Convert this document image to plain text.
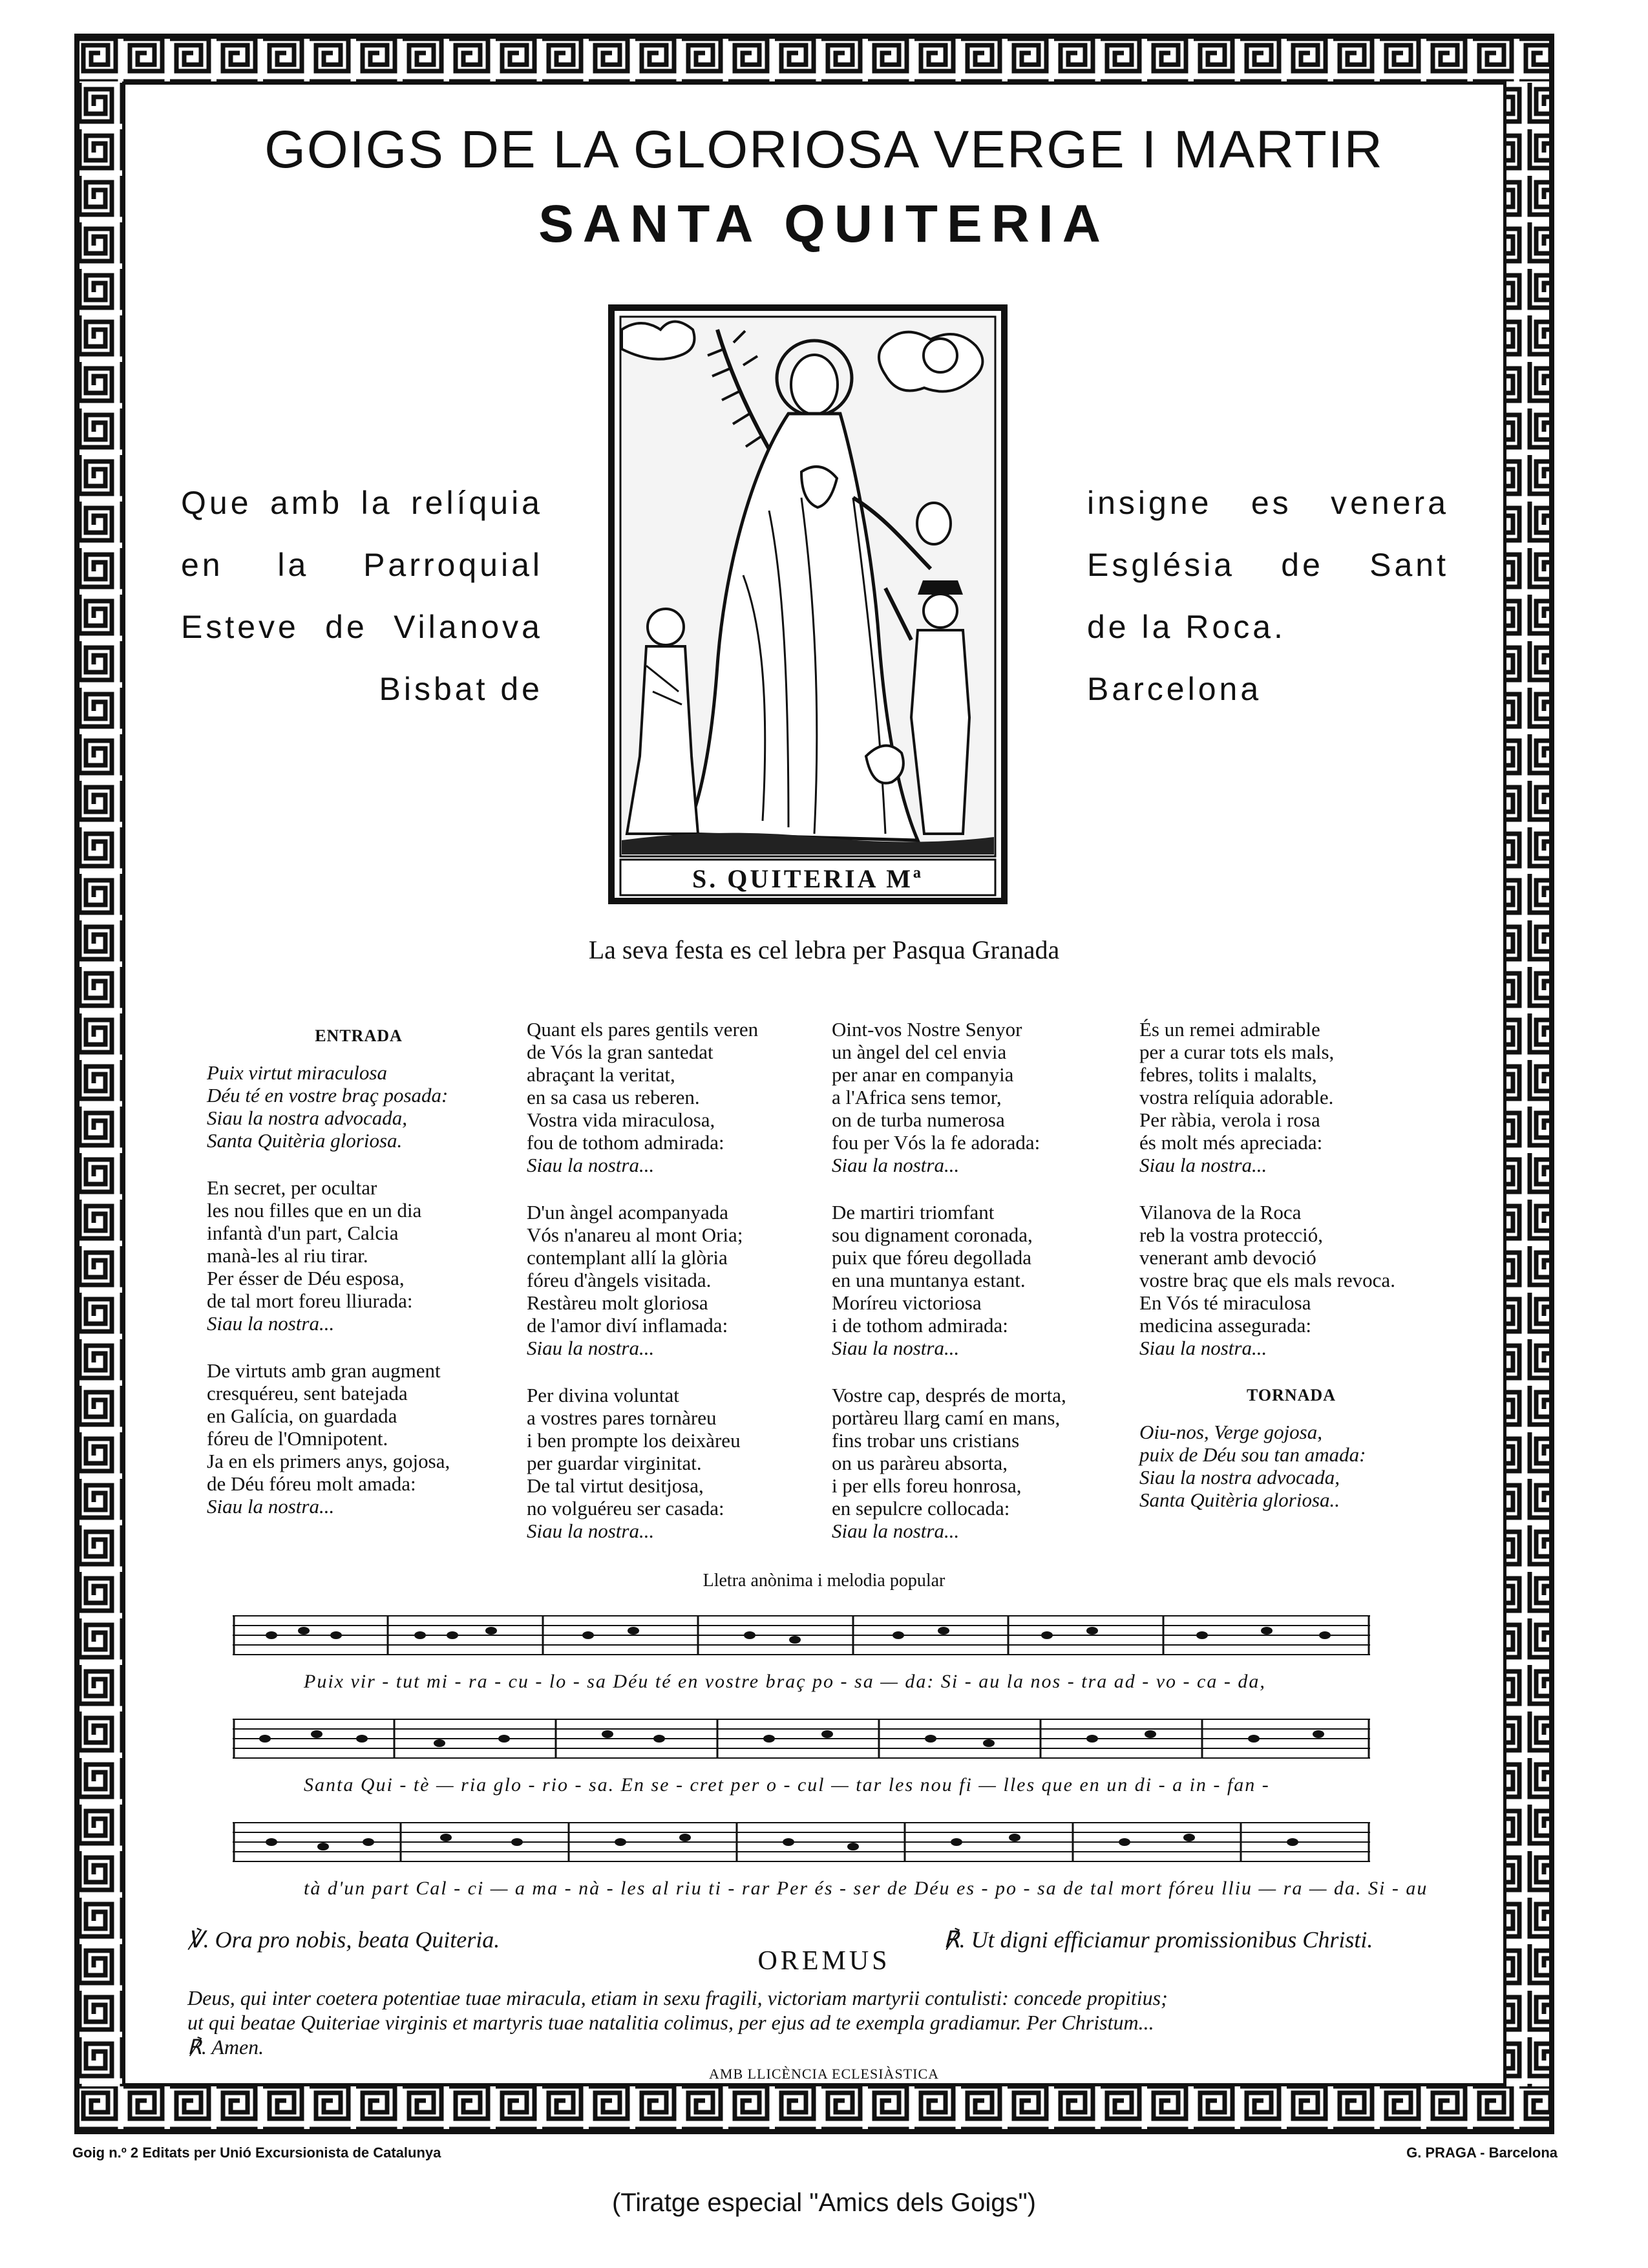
GOIGS DE LA GLORIOSA VERGE I MARTIR
SANTA QUITERIA
Que amb la relíquia
en la Parroquial
Esteve de Vilanova
Bisbat de
insigne es venera
Església de Sant
de la Roca.
Barcelona
S. QUITERIA Mª
La seva festa es cel lebra per Pasqua Granada
ENTRADA

Puix virtut miraculosa
Déu té en vostre braç posada:
Siau la nostra advocada,
Santa Quitèria gloriosa.

En secret, per ocultar
les nou filles que en un dia
infantà d'un part, Calcia
manà-les al riu tirar.
Per ésser de Déu esposa,
de tal mort foreu lliurada:
Siau la nostra...

De virtuts amb gran augment
cresquéreu, sent batejada
en Galícia, on guardada
fóreu de l'Omnipotent.
Ja en els primers anys, gojosa,
de Déu fóreu molt amada:
Siau la nostra...

Quant els pares gentils veren
de Vós la gran santedat
abraçant la veritat,
en sa casa us reberen.
Vostra vida miraculosa,
fou de tothom admirada:
Siau la nostra...

D'un àngel acompanyada
Vós n'anareu al mont Oria;
contemplant allí la glòria
fóreu d'àngels visitada.
Restàreu molt gloriosa
de l'amor diví inflamada:
Siau la nostra...

Per divina voluntat
a vostres pares tornàreu
i ben prompte los deixàreu
per guardar virginitat.
De tal virtut desitjosa,
no volguéreu ser casada:
Siau la nostra...

Oint-vos Nostre Senyor
un àngel del cel envia
per anar en companyia
a l'Africa sens temor,
on de turba numerosa
fou per Vós la fe adorada:
Siau la nostra...

De martiri triomfant
sou dignament coronada,
puix que fóreu degollada
en una muntanya estant.
Moríreu victoriosa
i de tothom admirada:
Siau la nostra...

Vostre cap, després de morta,
portàreu llarg camí en mans,
fins trobar uns cristians
on us paràreu absorta,
i per ells foreu honrosa,
en sepulcre collocada:
Siau la nostra...

És un remei admirable
per a curar tots els mals,
febres, tolits i malalts,
vostra relíquia adorable.
Per ràbia, verola i rosa
és molt més apreciada:
Siau la nostra...

Vilanova de la Roca
reb la vostra protecció,
venerant amb devoció
vostre braç que els mals revoca.
En Vós té miraculosa
medicina assegurada:
Siau la nostra...

TORNADA

Oiu-nos, Verge gojosa,
puix de Déu sou tan amada:
Siau la nostra advocada,
Santa Quitèria gloriosa..

Lletra anònima i melodia popular
Puix vir - tut mi - ra - cu - lo - sa Déu té en vostre braç po - sa — da: Si - au la nos - tra ad - vo - ca - da,
Santa Qui - tè — ria glo - rio - sa. En se - cret per o - cul — tar les nou fi — lles que en un di - a in - fan -
tà d'un part Cal - ci — a ma - nà - les al riu ti - rar Per és - ser de Déu es - po - sa de tal mort fóreu lliu — ra — da. Si - au
℣. Ora pro nobis, beata Quiteria.	℟. Ut digni efficiamur promissionibus Christi.
OREMUS
Deus, qui inter coetera potentiae tuae miracula, etiam in sexu fragili, victoriam martyrii contulisti: concede propitius;
ut qui beatae Quiteriae virginis et martyris tuae natalitia colimus, per ejus ad te exempla gradiamur. Per Christum...
℟. Amen.
AMB LLICÈNCIA ECLESIÀSTICA
Goig n.º 2 Editats per Unió Excursionista de Catalunya	G. PRAGA - Barcelona
(Tiratge especial "Amics dels Goigs")
